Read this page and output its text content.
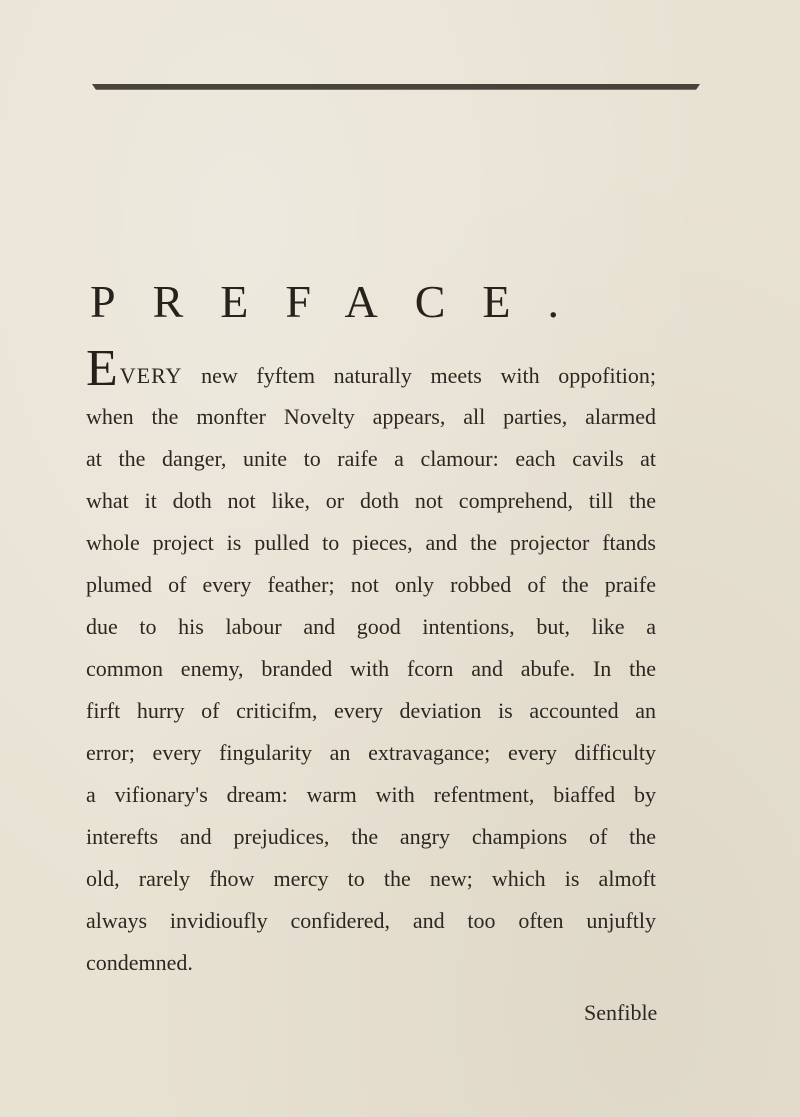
PREFACE.
EVERY new fyftem naturally meets with oppofition;
when the monfter Novelty appears, all parties, alarmed
at the danger, unite to raife a clamour: each cavils at
what it doth not like, or doth not comprehend, till the
whole project is pulled to pieces, and the projector ftands
plumed of every feather; not only robbed of the praife
due to his labour and good intentions, but, like a
common enemy, branded with fcorn and abufe. In the
firft hurry of criticifm, every deviation is accounted an
error; every fingularity an extravagance; every difficulty
a vifionary's dream: warm with refentment, biaffed by
interefts and prejudices, the angry champions of the
old, rarely fhow mercy to the new; which is almoft
always invidioufly confidered, and too often unjuftly
condemned.
Senfible
